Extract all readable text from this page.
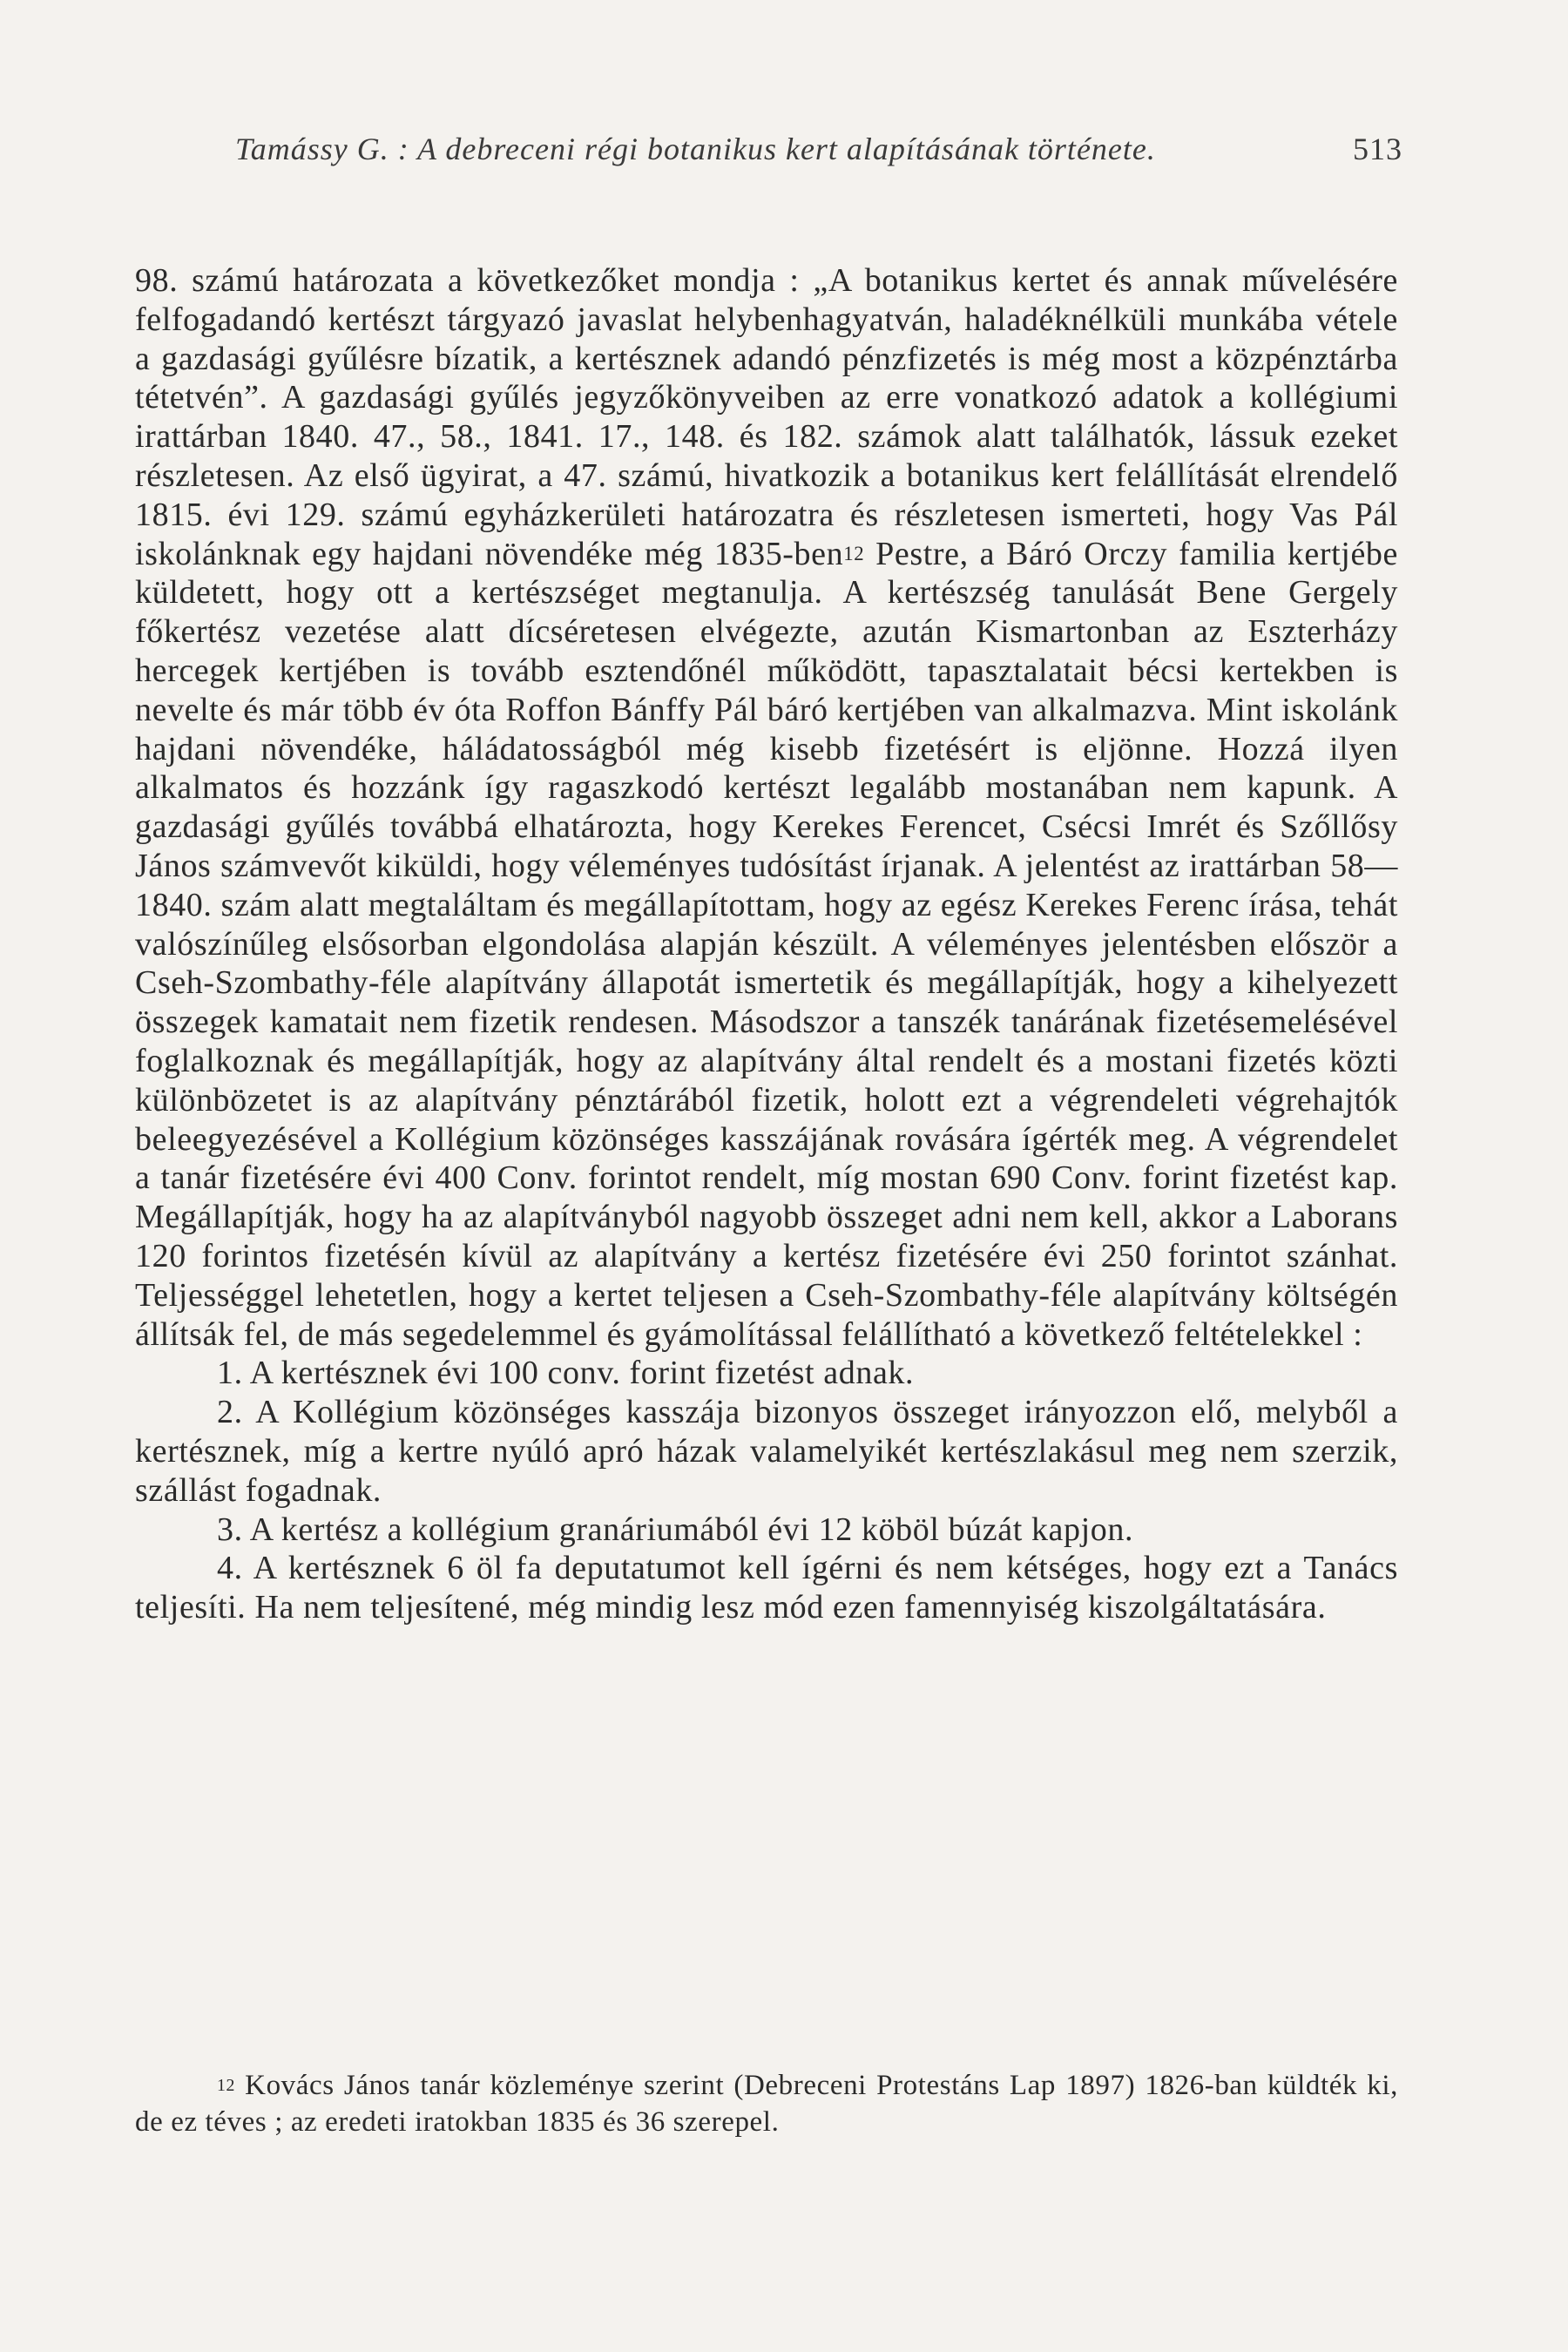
Tamássy G. : A debreceni régi botanikus kert alapításának története.	513

98. számú határozata a következőket mondja : „A botanikus kertet és annak művelésére felfogadandó kertészt tárgyazó javaslat helybenhagyatván, haladéknélküli munkába vétele a gazdasági gyűlésre bízatik, a kertésznek adandó pénzfizetés is még most a közpénztárba tétetvén”. A gazdasági gyűlés jegyzőkönyveiben az erre vonatkozó adatok a kollégiumi irattárban 1840. 47., 58., 1841. 17., 148. és 182. számok alatt találhatók, lássuk ezeket részletesen. Az első ügyirat, a 47. számú, hivatkozik a botanikus kert felállítását elrendelő 1815. évi 129. számú egyházkerületi határozatra és részletesen ismerteti, hogy Vas Pál iskolánknak egy hajdani növendéke még 1835-ben$^{12}$ Pestre, a Báró Orczy familia kertjébe küldetett, hogy ott a kertészséget megtanulja. A kertészség tanulását Bene Gergely főkertész vezetése alatt dícséretesen elvégezte, azután Kismartonban az Eszterházy hercegek kertjében is tovább esztendőnél működött, tapasztalatait bécsi kertekben is nevelte és már több év óta Roffon Bánffy Pál báró kertjében van alkalmazva. Mint iskolánk hajdani növendéke, háládatosságból még kisebb fizetésért is eljönne. Hozzá ilyen alkalmatos és hozzánk így ragaszkodó kertészt legalább mostanában nem kapunk. A gazdasági gyűlés továbbá elhatározta, hogy Kerekes Ferencet, Csécsi Imrét és Szőllősy János számvevőt kiküldi, hogy véleményes tudósítást írjanak. A jelentést az irattárban 58—1840. szám alatt megtaláltam és megállapítottam, hogy az egész Kerekes Ferenc írása, tehát valószínűleg elsősorban elgondolása alapján készült. A véleményes jelentésben először a Cseh-Szombathy-féle alapítvány állapotát ismertetik és megállapítják, hogy a kihelyezett összegek kamatait nem fizetik rendesen. Másodszor a tanszék tanárának fizetésemelésével foglalkoznak és megállapítják, hogy az alapítvány által rendelt és a mostani fizetés közti különbözetet is az alapítvány pénztárából fizetik, holott ezt a végrendeleti végrehajtók beleegyezésével a Kollégium közönséges kasszájának rovására ígérték meg. A végrendelet a tanár fizetésére évi 400 Conv. forintot rendelt, míg mostan 690 Conv. forint fizetést kap. Megállapítják, hogy ha az alapítványból nagyobb összeget adni nem kell, akkor a Laborans 120 forintos fizetésén kívül az alapítvány a kertész fizetésére évi 250 forintot szánhat. Teljességgel lehetetlen, hogy a kertet teljesen a Cseh-Szombathy-féle alapítvány költségén állítsák fel, de más segedelemmel és gyámolítással felállítható a következő feltételekkel :

1. A kertésznek évi 100 conv. forint fizetést adnak.
2. A Kollégium közönséges kasszája bizonyos összeget irányozzon elő, melyből a kertésznek, míg a kertre nyúló apró házak valamelyikét kertészlakásul meg nem szerzik, szállást fogadnak.
3. A kertész a kollégium granáriumából évi 12 köböl búzát kapjon.
4. A kertésznek 6 öl fa deputatumot kell ígérni és nem kétséges, hogy ezt a Tanács teljesíti. Ha nem teljesítené, még mindig lesz mód ezen famennyiség kiszolgáltatására.
$^{12}$ Kovács János tanár közleménye szerint (Debreceni Protestáns Lap 1897) 1826-ban küldték ki, de ez téves ; az eredeti iratokban 1835 és 36 szerepel.
